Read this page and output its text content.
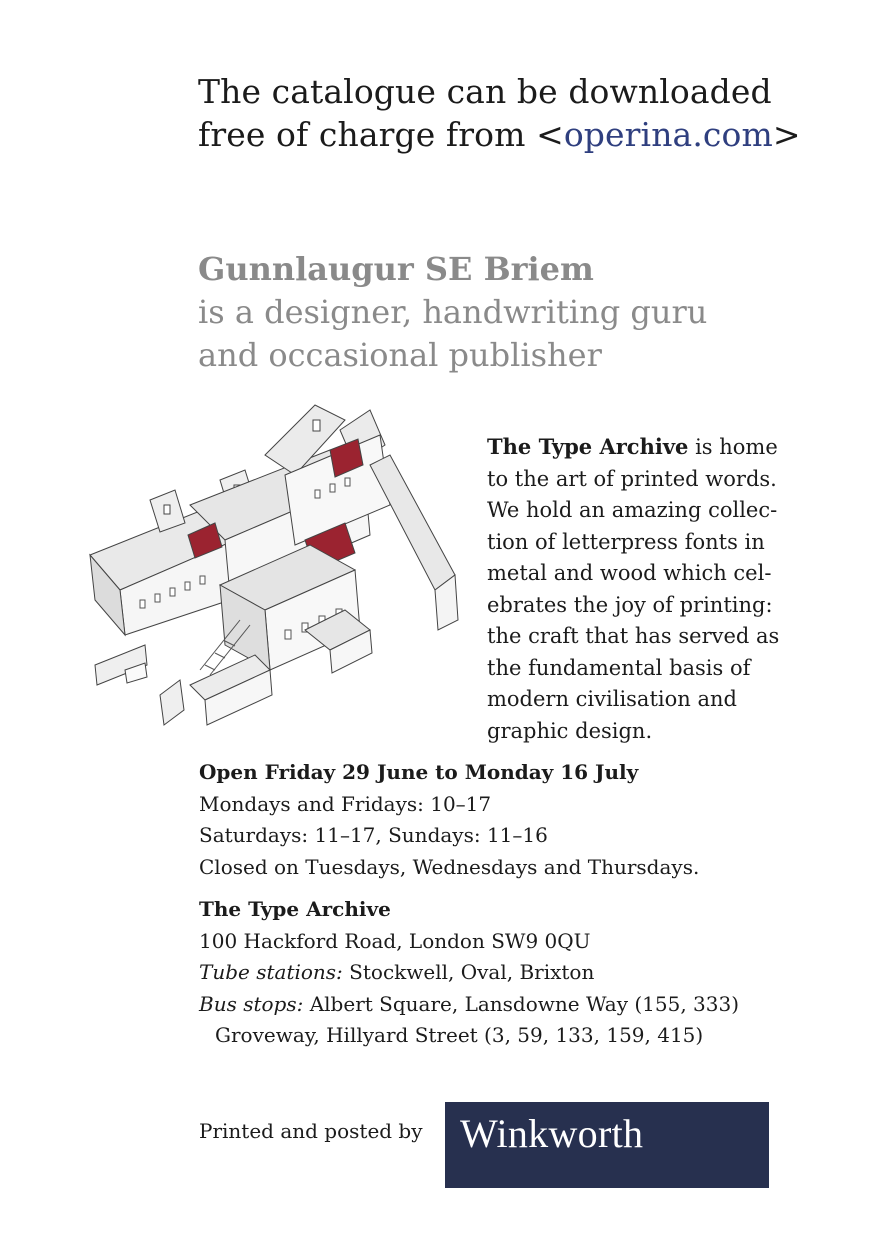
The catalogue can be downloaded
free of charge from <operina.com>
Gunnlaugur SE Briem
is a designer, handwriting guru
and occasional publisher
The Type Archive is home
to the art of printed words.
We hold an amazing collec-
tion of letterpress fonts in
metal and wood which cel-
ebrates the joy of printing:
the craft that has served as
the fundamental basis of
modern civilisation and
graphic design.
Open Friday 29 June to Monday 16 July
Mondays and Fridays: 10–17
Saturdays: 11–17, Sundays: 11–16
Closed on Tuesdays, Wednesdays and Thursdays.
The Type Archive
100 Hackford Road, London SW9 0QU
Tube stations: Stockwell, Oval, Brixton
Bus stops: Albert Square, Lansdowne Way (155, 333)
Groveway, Hillyard Street (3, 59, 133, 159, 415)
Printed and posted by Winkworth
